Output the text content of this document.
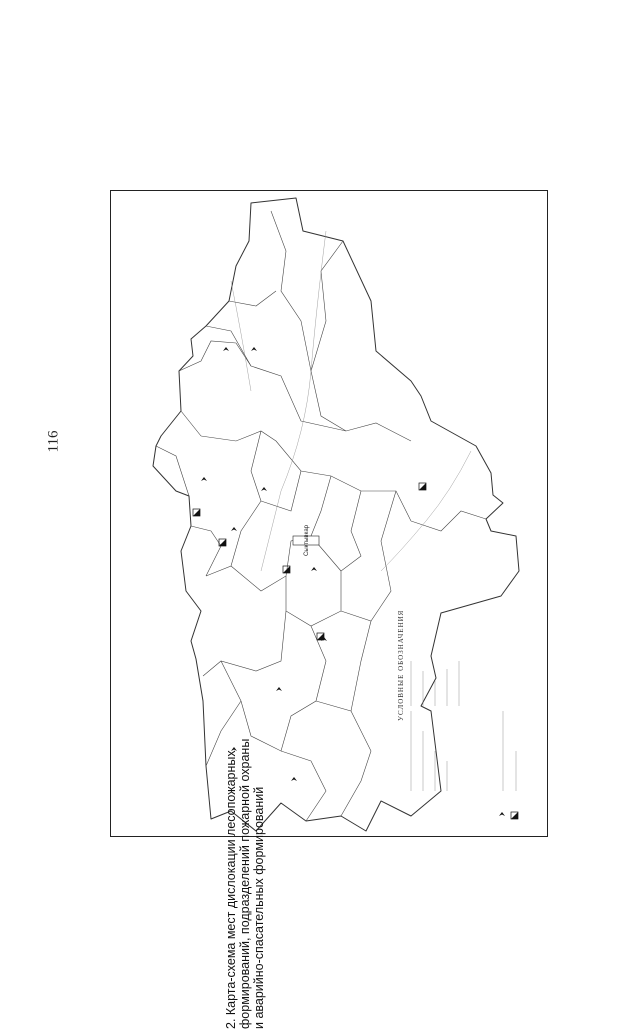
116
Сыктывкар
УСЛОВНЫЕ ОБОЗНАЧЕНИЯ
2. Карта-схема мест дислокации лесопожарных формирований, подразделений пожарной охраны и аварийно-спасательных формирований
